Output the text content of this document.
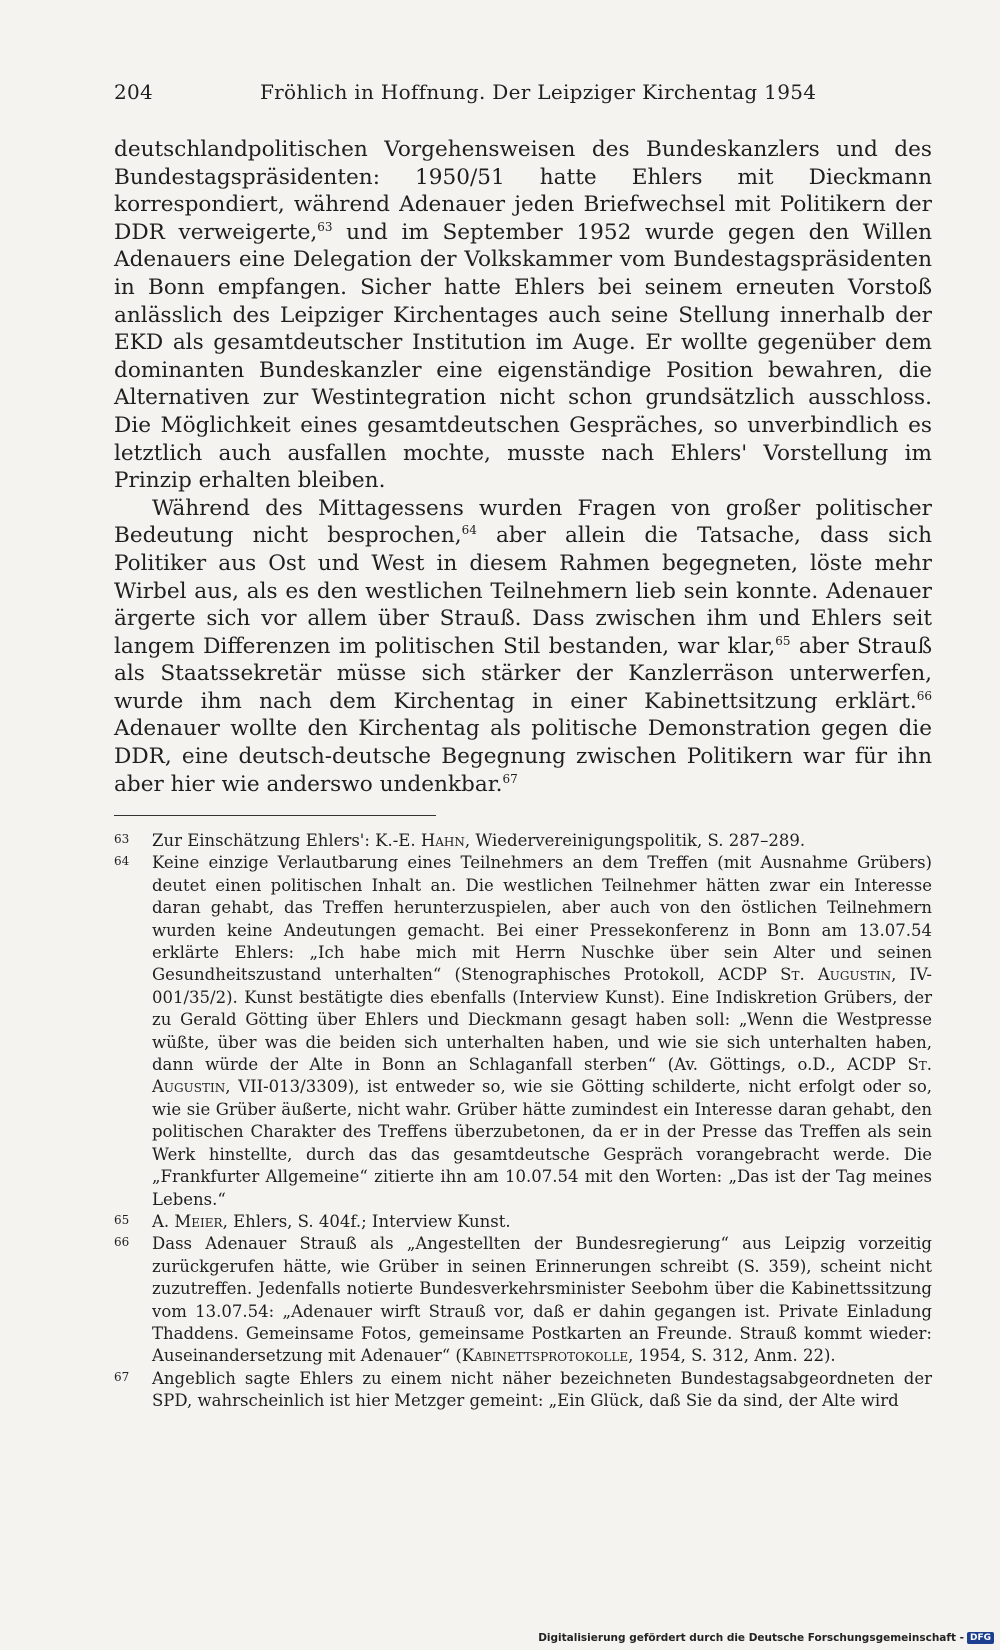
204	Fröhlich in Hoffnung. Der Leipziger Kirchentag 1954

deutschlandpolitischen Vorgehensweisen des Bundeskanzlers und des Bundestagspräsidenten: 1950/51 hatte Ehlers mit Dieckmann korrespondiert, während Adenauer jeden Briefwechsel mit Politikern der DDR verweigerte,$^{63}$ und im September 1952 wurde gegen den Willen Adenauers eine Delegation der Volkskammer vom Bundestagspräsidenten in Bonn empfangen. Sicher hatte Ehlers bei seinem erneuten Vorstoß anlässlich des Leipziger Kirchentages auch seine Stellung innerhalb der EKD als gesamtdeutscher Institution im Auge. Er wollte gegenüber dem dominanten Bundeskanzler eine eigenständige Position bewahren, die Alternativen zur Westintegration nicht schon grundsätzlich ausschloss. Die Möglichkeit eines gesamtdeutschen Gespräches, so unverbindlich es letztlich auch ausfallen mochte, musste nach Ehlers' Vorstellung im Prinzip erhalten bleiben.

Während des Mittagessens wurden Fragen von großer politischer Bedeutung nicht besprochen,$^{64}$ aber allein die Tatsache, dass sich Politiker aus Ost und West in diesem Rahmen begegneten, löste mehr Wirbel aus, als es den westlichen Teilnehmern lieb sein konnte. Adenauer ärgerte sich vor allem über Strauß. Dass zwischen ihm und Ehlers seit langem Differenzen im politischen Stil bestanden, war klar,$^{65}$ aber Strauß als Staatssekretär müsse sich stärker der Kanzlerräson unterwerfen, wurde ihm nach dem Kirchentag in einer Kabinettsitzung erklärt.$^{66}$ Adenauer wollte den Kirchentag als politische Demonstration gegen die DDR, eine deutsch-deutsche Begegnung zwischen Politikern war für ihn aber hier wie anderswo undenkbar.$^{67}$

63 Zur Einschätzung Ehlers': K.-E. Hahn, Wiedervereinigungspolitik, S. 287–289.

64 Keine einzige Verlautbarung eines Teilnehmers an dem Treffen (mit Ausnahme Grübers) deutet einen politischen Inhalt an. Die westlichen Teilnehmer hätten zwar ein Interesse daran gehabt, das Treffen herunterzuspielen, aber auch von den östlichen Teilnehmern wurden keine Andeutungen gemacht. Bei einer Pressekonferenz in Bonn am 13.07.54 erklärte Ehlers: „Ich habe mich mit Herrn Nuschke über sein Alter und seinen Gesundheitszustand unterhalten“ (Stenographisches Protokoll, ACDP St. Augustin, IV-001/35/2). Kunst bestätigte dies ebenfalls (Interview Kunst). Eine Indiskretion Grübers, der zu Gerald Götting über Ehlers und Dieckmann gesagt haben soll: „Wenn die Westpresse wüßte, über was die beiden sich unterhalten haben, und wie sie sich unterhalten haben, dann würde der Alte in Bonn an Schlaganfall sterben“ (Av. Göttings, o.D., ACDP St. Augustin, VII-013/3309), ist entweder so, wie sie Götting schilderte, nicht erfolgt oder so, wie sie Grüber äußerte, nicht wahr. Grüber hätte zumindest ein Interesse daran gehabt, den politischen Charakter des Treffens überzubetonen, da er in der Presse das Treffen als sein Werk hinstellte, durch das das gesamtdeutsche Gespräch vorangebracht werde. Die „Frankfurter Allgemeine“ zitierte ihn am 10.07.54 mit den Worten: „Das ist der Tag meines Lebens.“

65 A. Meier, Ehlers, S. 404f.; Interview Kunst.

66 Dass Adenauer Strauß als „Angestellten der Bundesregierung“ aus Leipzig vorzeitig zurückgerufen hätte, wie Grüber in seinen Erinnerungen schreibt (S. 359), scheint nicht zuzutreffen. Jedenfalls notierte Bundesverkehrsminister Seebohm über die Kabinettssitzung vom 13.07.54: „Adenauer wirft Strauß vor, daß er dahin gegangen ist. Private Einladung Thaddens. Gemeinsame Fotos, gemeinsame Postkarten an Freunde. Strauß kommt wieder: Auseinandersetzung mit Adenauer“ (Kabinettsprotokolle, 1954, S. 312, Anm. 22).

67 Angeblich sagte Ehlers zu einem nicht näher bezeichneten Bundestagsabgeordneten der SPD, wahrscheinlich ist hier Metzger gemeint: „Ein Glück, daß Sie da sind, der Alte wird

Digitalisierung gefördert durch die Deutsche Forschungsgemeinschaft - DFG
